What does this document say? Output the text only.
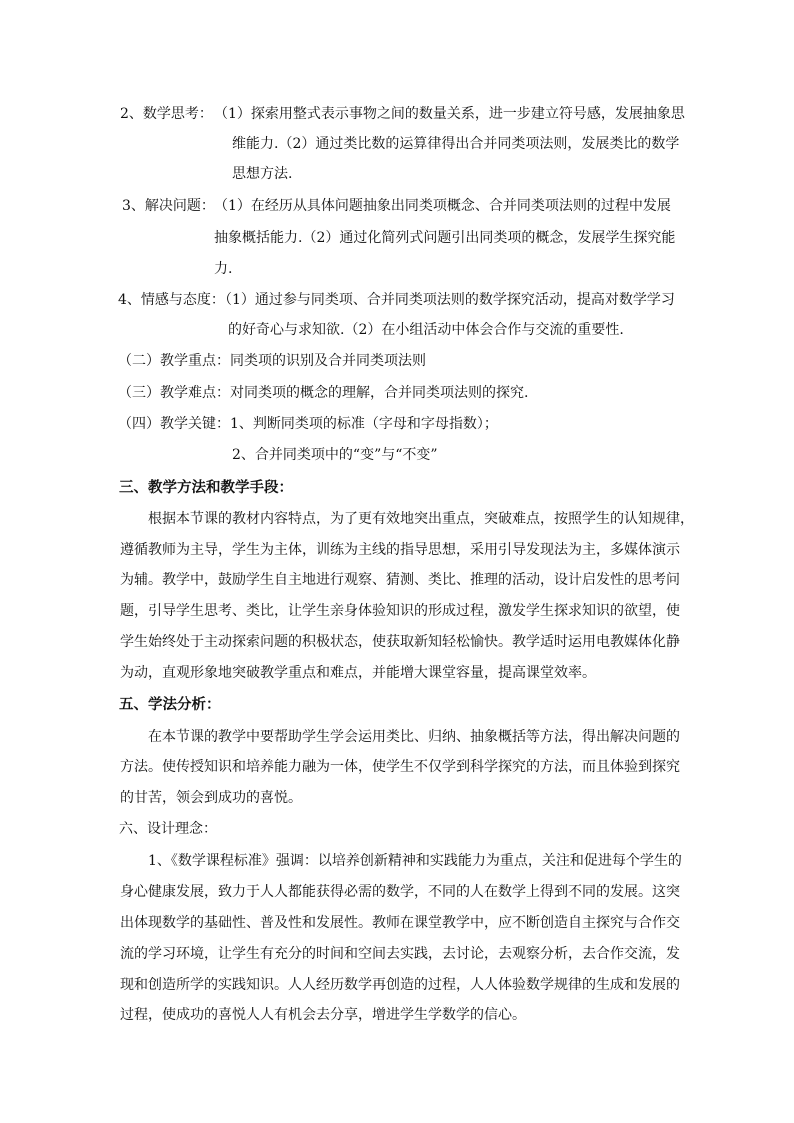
2、数学思考： （1）探索用整式表示事物之间的数量关系，进一步建立符号感，发展抽象思
维能力.（2）通过类比数的运算律得出合并同类项法则，发展类比的数学
思想方法.
3、解决问题： （1）在经历从具体问题抽象出同类项概念、合并同类项法则的过程中发展
抽象概括能力.（2）通过化简列式问题引出同类项的概念，发展学生探究能
力.
4、情感与态度：
（1）通过参与同类项、合并同类项法则的数学探究活动，提高对数学学习
的好奇心与求知欲.（2）在小组活动中体会合作与交流的重要性.
（二）教学重点：同类项的识别及合并同类项法则
（三）教学难点：对同类项的概念的理解，合并同类项法则的探究.
（四）教学关键：1、判断同类项的标准（字母和字母指数）；
2、合并同类项中的“变”与“不变”
三、教学方法和教学手段：
根据本节课的教材内容特点，为了更有效地突出重点，突破难点，按照学生的认知规律，
遵循教师为主导，学生为主体，训练为主线的指导思想，采用引导发现法为主，多媒体演示
为辅。教学中，鼓励学生自主地进行观察、猜测、类比、推理的活动，设计启发性的思考问
题，引导学生思考、类比，让学生亲身体验知识的形成过程，激发学生探求知识的欲望，使
学生始终处于主动探索问题的积极状态，使获取新知轻松愉快。教学适时运用电教媒体化静
为动，直观形象地突破教学重点和难点，并能增大课堂容量，提高课堂效率。
五、学法分析：
在本节课的教学中要帮助学生学会运用类比、归纳、抽象概括等方法，得出解决问题的
方法。使传授知识和培养能力融为一体，使学生不仅学到科学探究的方法，而且体验到探究
的甘苦，领会到成功的喜悦。
六、设计理念：
1、《数学课程标准》强调：以培养创新精神和实践能力为重点，关注和促进每个学生的
身心健康发展，致力于人人都能获得必需的数学，不同的人在数学上得到不同的发展。这突
出体现数学的基础性、普及性和发展性。教师在课堂教学中，应不断创造自主探究与合作交
流的学习环境，让学生有充分的时间和空间去实践，去讨论，去观察分析，去合作交流，发
现和创造所学的实践知识。人人经历数学再创造的过程，人人体验数学规律的生成和发展的
过程，使成功的喜悦人人有机会去分享，增进学生学数学的信心。
